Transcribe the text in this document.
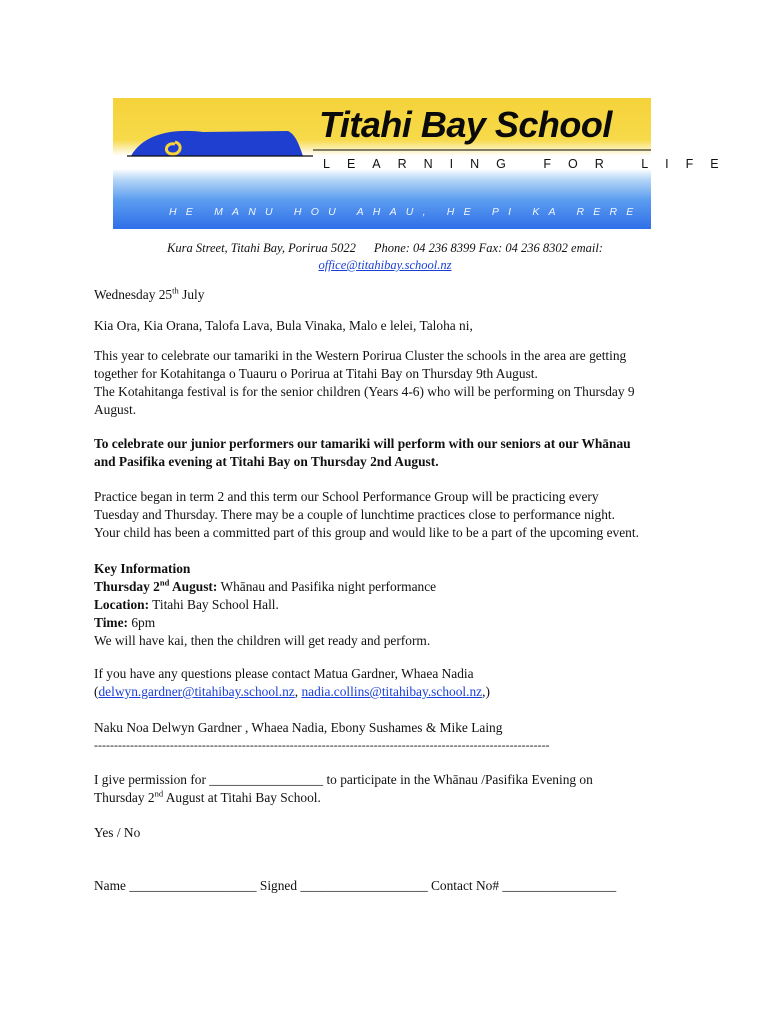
Titahi Bay School
LEARNING FOR LIFE
HE MANU HOU AHAU, HE PI KA RERE
Kura Street, Titahi Bay, Porirua 5022 Phone: 04 236 8399 Fax: 04 236 8302 email:
office@titahibay.school.nz
Wednesday 25th July
Kia Ora, Kia Orana, Talofa Lava, Bula Vinaka, Malo e lelei, Taloha ni,
This year to celebrate our tamariki in the Western Porirua Cluster the schools in the area are getting
together for Kotahitanga o Tuauru o Porirua at Titahi Bay on Thursday 9th August.
The Kotahitanga festival is for the senior children (Years 4-6) who will be performing on Thursday 9
August.
To celebrate our junior performers our tamariki will perform with our seniors at our Whānau
and Pasifika evening at Titahi Bay on Thursday 2nd August.
Practice began in term 2 and this term our School Performance Group will be practicing every
Tuesday and Thursday. There may be a couple of lunchtime practices close to performance night.
Your child has been a committed part of this group and would like to be a part of the upcoming event.
Key Information
Thursday 2nd August: Whānau and Pasifika night performance
Location: Titahi Bay School Hall.
Time: 6pm
We will have kai, then the children will get ready and perform.
If you have any questions please contact Matua Gardner, Whaea Nadia
(delwyn.gardner@titahibay.school.nz, nadia.collins@titahibay.school.nz,)
Naku Noa Delwyn Gardner , Whaea Nadia, Ebony Sushames & Mike Laing
------------------------------------------------------------------------------------------------------------------
I give permission for _________________ to participate in the Whānau /Pasifika Evening on
Thursday 2nd August at Titahi Bay School.
Yes / No
Name ___________________ Signed ___________________ Contact No# _________________
